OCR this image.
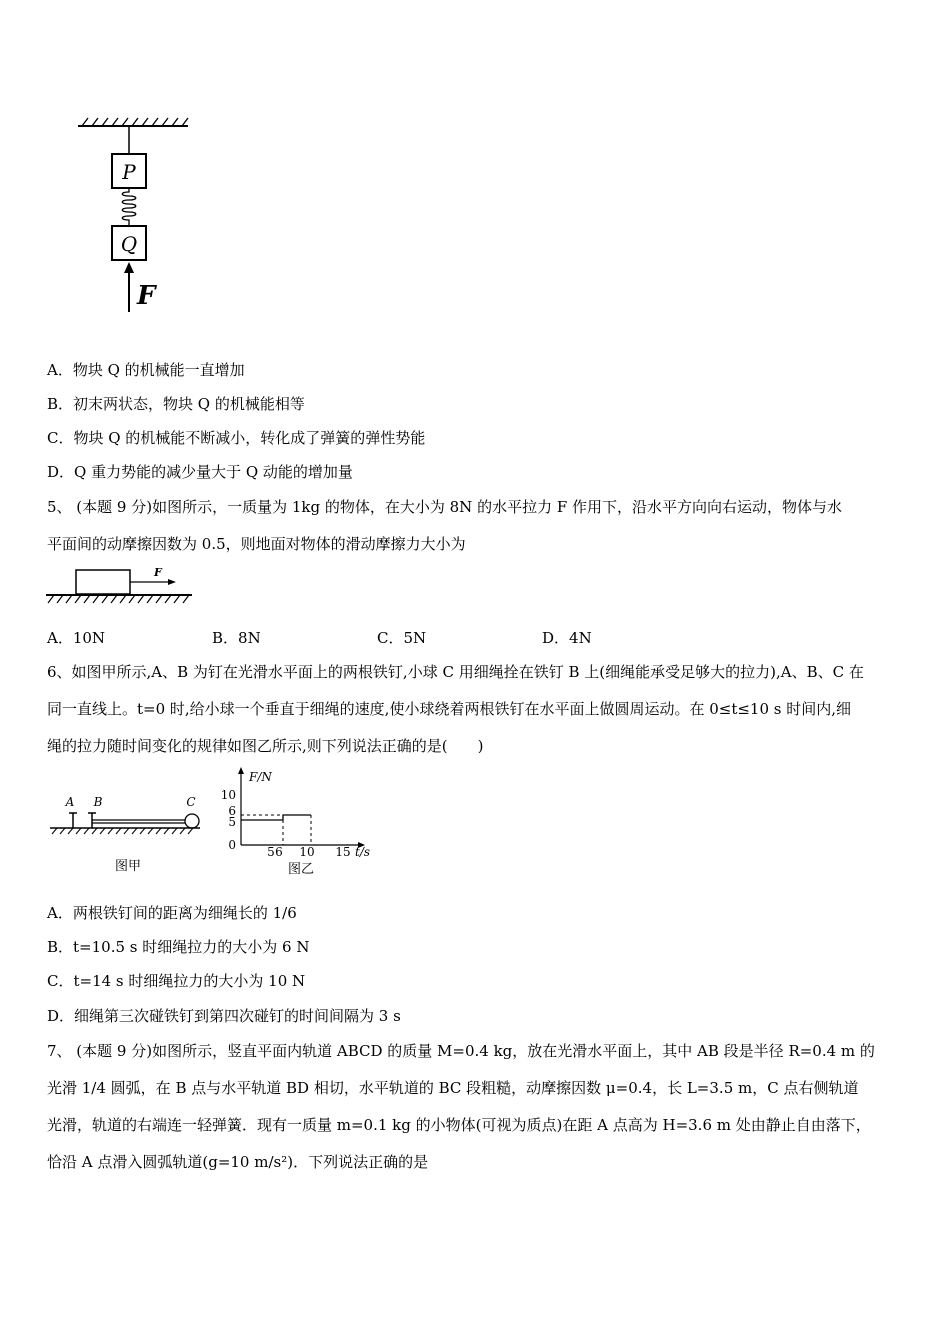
P
Q
F
A．物块 Q 的机械能一直增加
B．初末两状态，物块 Q 的机械能相等
C．物块 Q 的机械能不断减小，转化成了弹簧的弹性势能
D．Q 重力势能的减少量大于 Q 动能的增加量
5、 (本题 9 分)如图所示，一质量为 1kg 的物体，在大小为 8N 的水平拉力 F 作用下，沿水平方向向右运动，物体与水
平面间的动摩擦因数为 0.5，则地面对物体的滑动摩擦力大小为
F
A．10N	B．8N	C．5N	D．4N
6、如图甲所示,A、B 为钉在光滑水平面上的两根铁钉,小球 C 用细绳拴在铁钉 B 上(细绳能承受足够大的拉力),A、B、C 在
同一直线上。t=0 时,给小球一个垂直于细绳的速度,使小球绕着两根铁钉在水平面上做圆周运动。在 0≤t≤10 s 时间内,细
绳的拉力随时间变化的规律如图乙所示,则下列说法正确的是(　　)
A B	C
图甲
F/N
t/s
10
6
5
0	5 6 10 15
图乙
A．两根铁钉间的距离为细绳长的 1/6
B．t=10.5 s 时细绳拉力的大小为 6 N
C．t=14 s 时细绳拉力的大小为 10 N
D．细绳第三次碰铁钉到第四次碰钉的时间间隔为 3 s
7、 (本题 9 分)如图所示，竖直平面内轨道 ABCD 的质量 M=0.4 kg，放在光滑水平面上，其中 AB 段是半径 R=0.4 m 的
光滑 1/4 圆弧，在 B 点与水平轨道 BD 相切，水平轨道的 BC 段粗糙，动摩擦因数 μ=0.4，长 L=3.5 m，C 点右侧轨道
光滑，轨道的右端连一轻弹簧．现有一质量 m=0.1 kg 的小物体(可视为质点)在距 A 点高为 H=3.6 m 处由静止自由落下，
恰沿 A 点滑入圆弧轨道(g=10 m/s²)．下列说法正确的是
